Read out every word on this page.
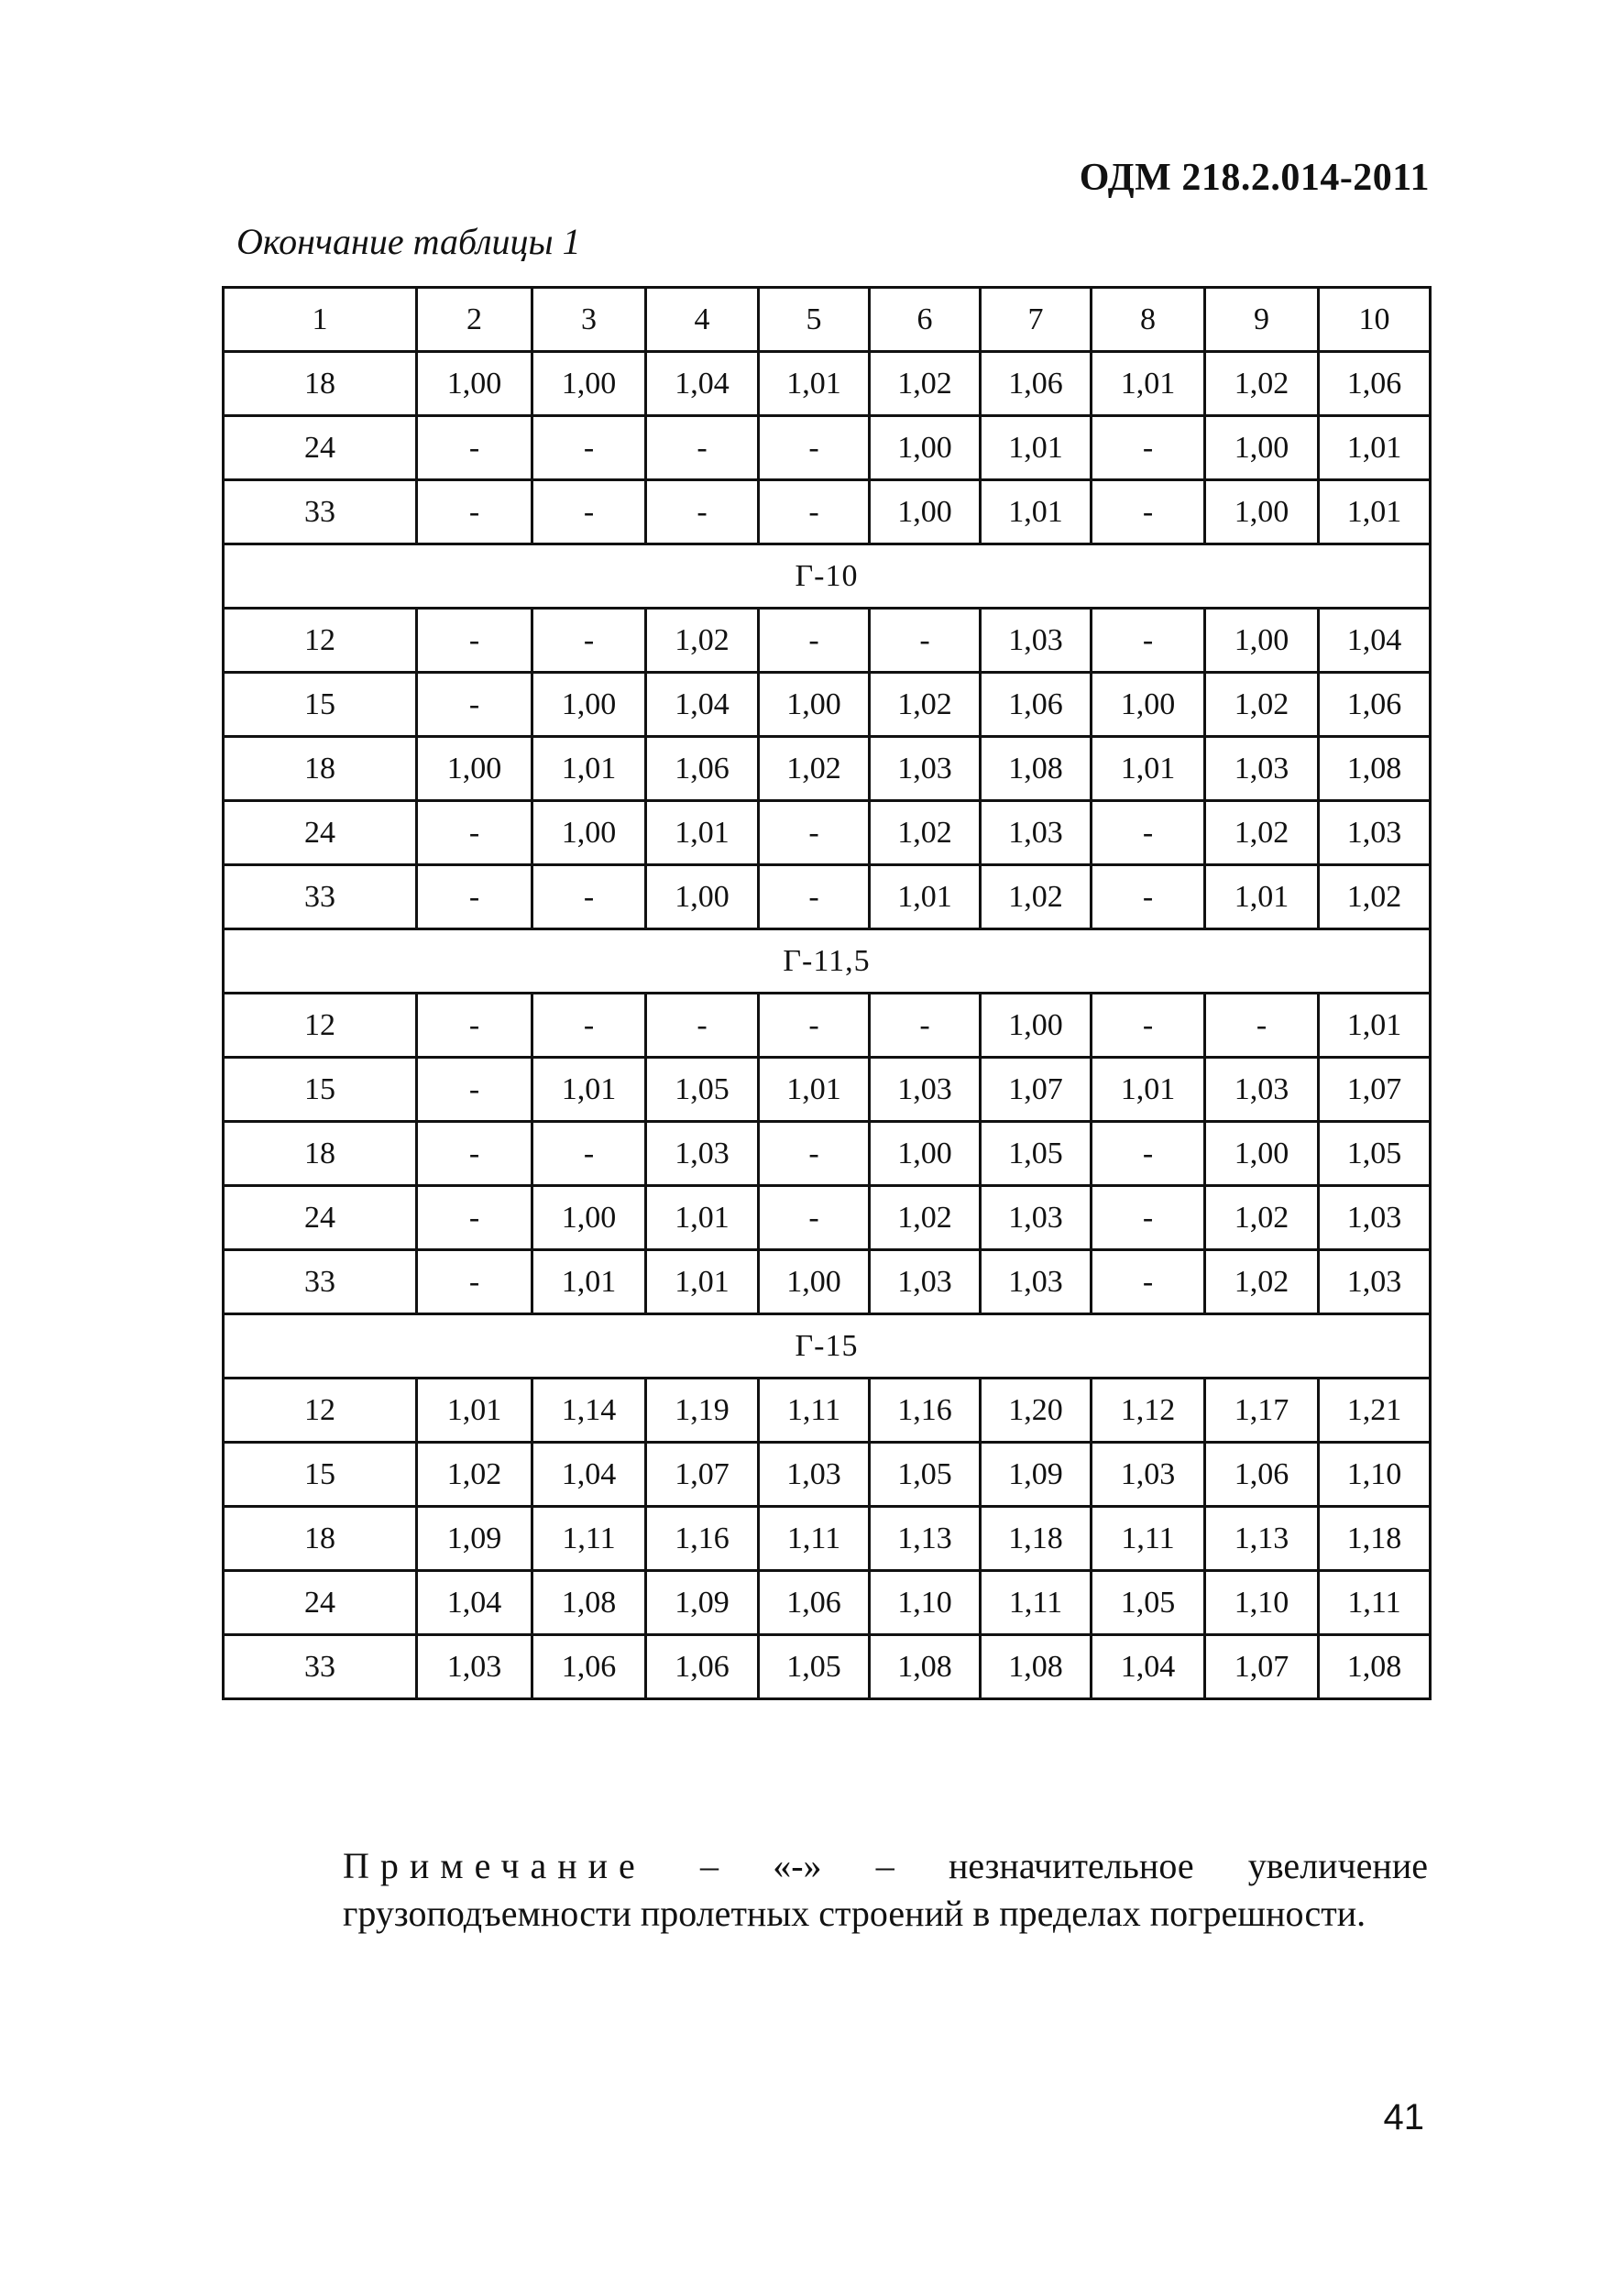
ОДМ 218.2.014-2011
Окончание таблицы 1
1	2	3	4	5	6	7	8	9	10
18	1,00	1,00	1,04	1,01	1,02	1,06	1,01	1,02	1,06
24	-	-	-	-	1,00	1,01	-	1,00	1,01
33	-	-	-	-	1,00	1,01	-	1,00	1,01
Г-10									
12	-	-	1,02	-	-	1,03	-	1,00	1,04
15	-	1,00	1,04	1,00	1,02	1,06	1,00	1,02	1,06
18	1,00	1,01	1,06	1,02	1,03	1,08	1,01	1,03	1,08
24	-	1,00	1,01	-	1,02	1,03	-	1,02	1,03
33	-	-	1,00	-	1,01	1,02	-	1,01	1,02
Г-11,5									
12	-	-	-	-	-	1,00	-	-	1,01
15	-	1,01	1,05	1,01	1,03	1,07	1,01	1,03	1,07
18	-	-	1,03	-	1,00	1,05	-	1,00	1,05
24	-	1,00	1,01	-	1,02	1,03	-	1,02	1,03
33	-	1,01	1,01	1,00	1,03	1,03	-	1,02	1,03
Г-15									
12	1,01	1,14	1,19	1,11	1,16	1,20	1,12	1,17	1,21
15	1,02	1,04	1,07	1,03	1,05	1,09	1,03	1,06	1,10
18	1,09	1,11	1,16	1,11	1,13	1,18	1,11	1,13	1,18
24	1,04	1,08	1,09	1,06	1,10	1,11	1,05	1,10	1,11
33	1,03	1,06	1,06	1,05	1,08	1,08	1,04	1,07	1,08
Примечание – «-» – незначительное увеличение грузоподъемности пролетных строений в пределах погрешности.
41
